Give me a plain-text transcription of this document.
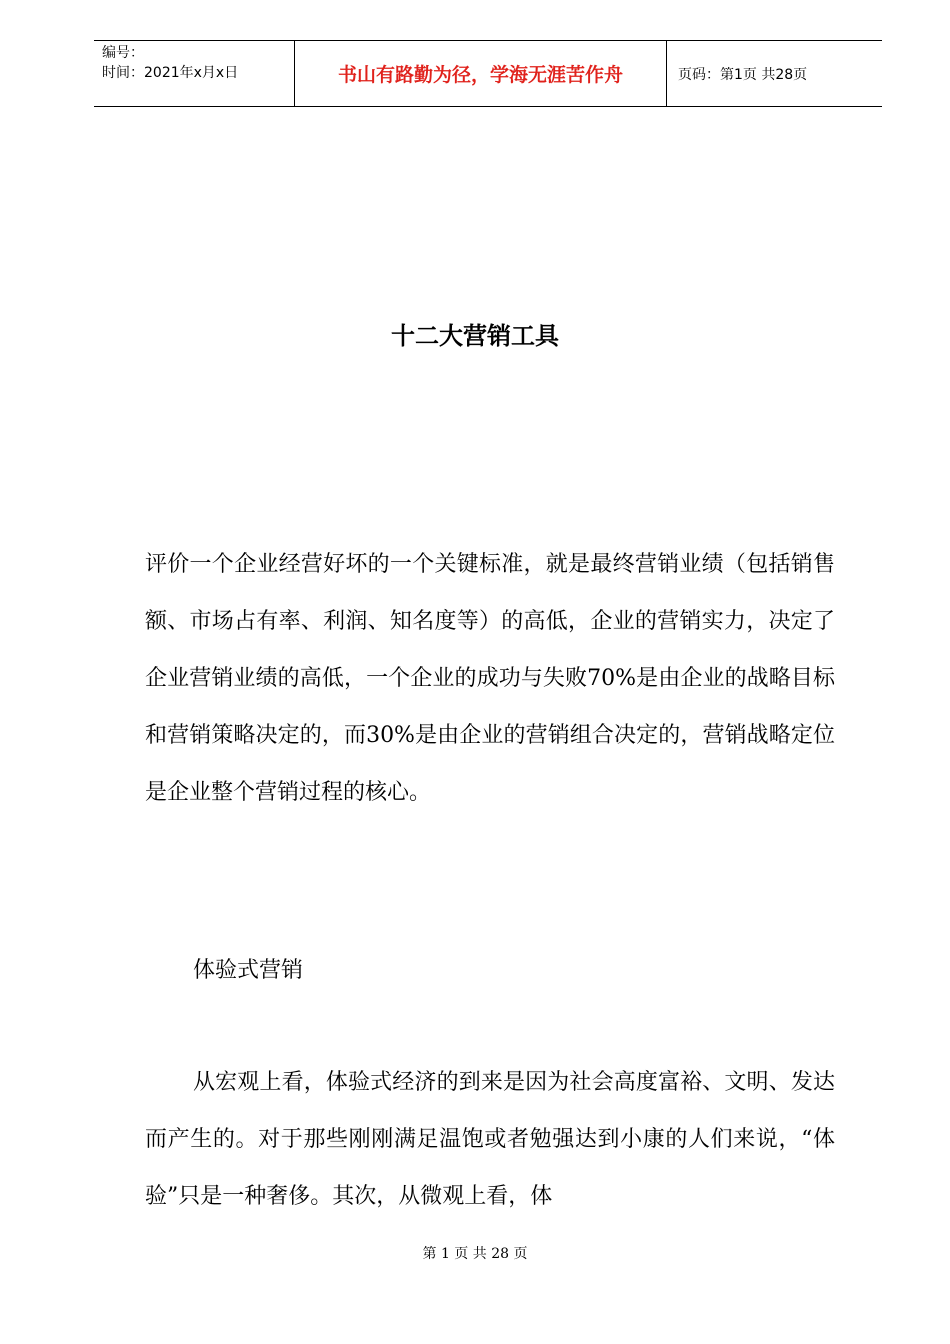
编号：
时间：2021年x月x日	书山有路勤为径，学海无涯苦作舟	页码：第1页 共28页
十二大营销工具

评价一个企业经营好坏的一个关键标准，就是最终营销业绩（包括销售额、市场占有率、利润、知名度等）的高低，企业的营销实力，决定了企业营销业绩的高低，一个企业的成功与失败70%是由企业的战略目标和营销策略决定的，而30%是由企业的营销组合决定的，营销战略定位是企业整个营销过程的核心。

体验式营销

从宏观上看，体验式经济的到来是因为社会高度富裕、文明、发达而产生的。对于那些刚刚满足温饱或者勉强达到小康的人们来说，“体验”只是一种奢侈。其次，从微观上看，体

第 1 页 共 28 页
